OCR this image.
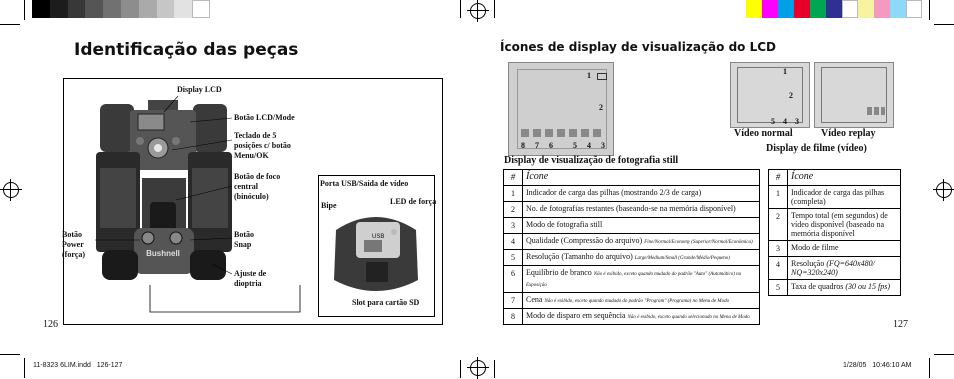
Identificação das peças
Bushnell
Display LCD
Botão LCD/Mode
Teclado de 5 posições c/ botão Menu/OK
Botão de foco central (binóculo)
Botão Power (força)
Botão Snap
Ajuste de dioptria
USB
Porta USB/Saída de vídeo
Bipe	LED de força
Slot para cartão SD
126
Ícones de display de visualização do LCD
1
2
8 7 6	5 4 3
1
2
5 4 3
Vídeo normal	Vídeo replay
Display de filme (vídeo)
Display de visualização de fotografia still
#	Ícone
1	Indicador de carga das pilhas (mostrando 2/3 de carga)
2	No. de fotografias restantes (baseando-se na memória disponível)
3	Modo de fotografia still
4	Qualidade (Compressão do arquivo) Fine/Normal/Economy (Superior/Normal/Econômica)
5	Resolução (Tamanho do arquivo) Large/Medium/Small (Grande/Médio/Pequeno)
6	Equilíbrio de branco Não é exibido, exceto quando mudado do padrão "Auto" (Automático) na Exposição
7	Cena Não é exibido, exceto quando mudado do padrão "Program" (Programa) no Menu de Modo
8	Modo de disparo em sequência Não é exibido, exceto quando selecionado no Menu de Modo
#	Ícone
1	Indicador de carga das pilhas (completa)
2	Tempo total (em segundos) de vídeo disponível (baseado na memória disponível
3	Modo de filme
4	Resolução (FQ=640x480/ NQ=320x240)
5	Taxa de quadros (30 ou 15 fps)
127
11-8323 6LIM.indd   126-127	1/28/05   10:46:10 AM
